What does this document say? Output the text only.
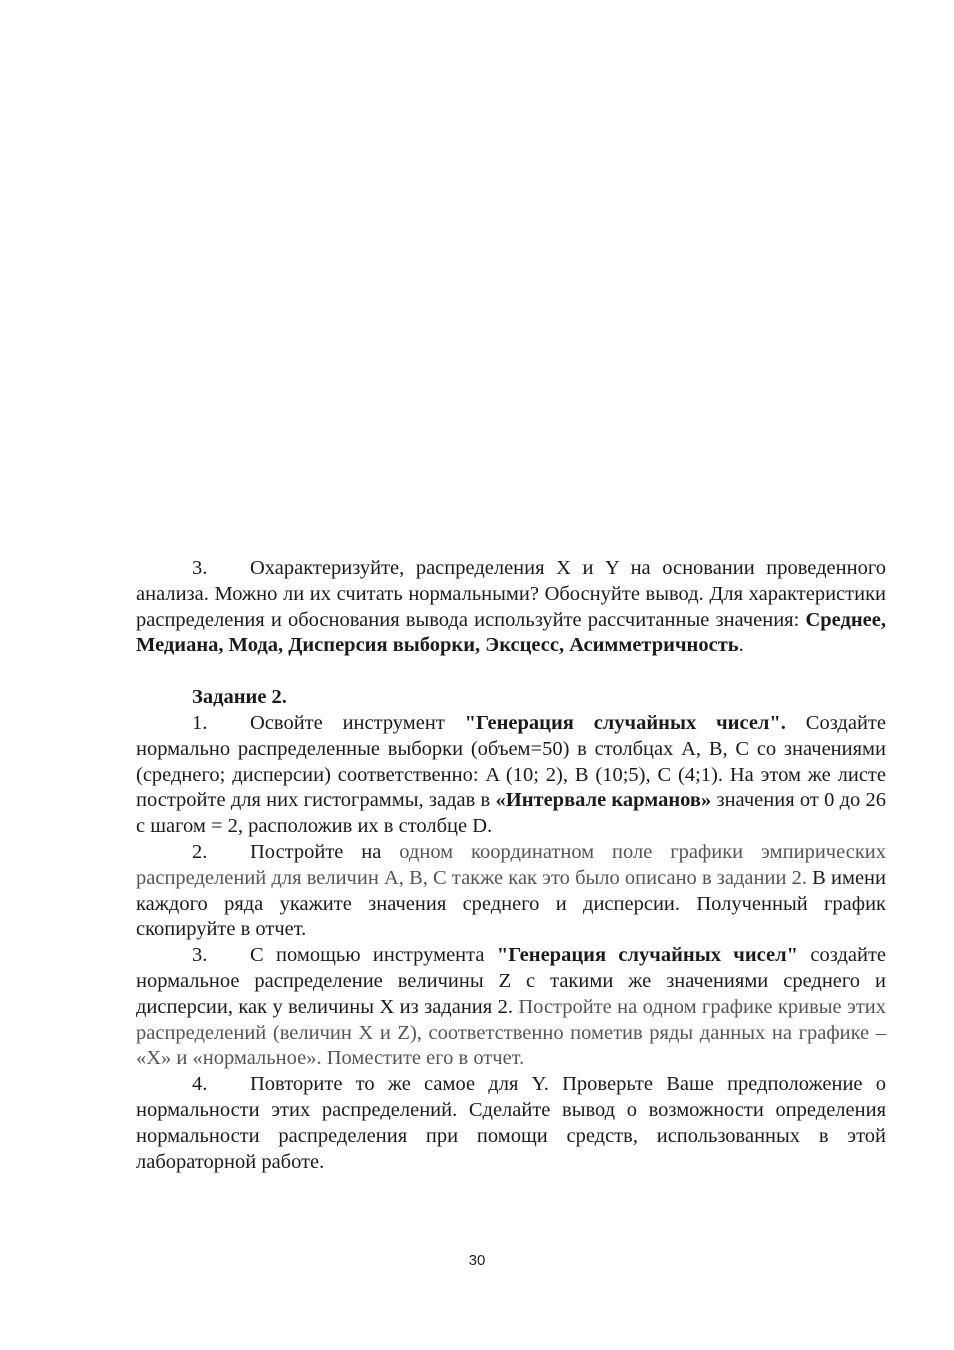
3. Охарактеризуйте, распределения X и Y на основании проведенного анализа. Можно ли их считать нормальными? Обоснуйте вывод. Для характеристики распределения и обоснования вывода используйте рассчитанные значения: Среднее, Медиана, Мода, Дисперсия выборки, Эксцесс, Асимметричность.

Задание 2.

1. Освойте инструмент "Генерация случайных чисел". Создайте нормально распределенные выборки (объем=50) в столбцах A, B, C со значениями (среднего; дисперсии) соответственно: A (10; 2), B (10;5), C (4;1). На этом же листе постройте для них гистограммы, задав в «Интервале карманов» значения от 0 до 26 с шагом = 2, расположив их в столбце D.

2. Постройте на одном координатном поле графики эмпирических распределений для величин А, В, С также как это было описано в задании 2. В имени каждого ряда укажите значения среднего и дисперсии. Полученный график скопируйте в отчет.

3. С помощью инструмента "Генерация случайных чисел" создайте нормальное распределение величины Z с такими же значениями среднего и дисперсии, как у величины X из задания 2. Постройте на одном графике кривые этих распределений (величин X и Z), соответственно пометив ряды данных на графике – «X» и «нормальное». Поместите его в отчет.

4. Повторите то же самое для Y. Проверьте Ваше предположение о нормальности этих распределений. Сделайте вывод о возможности определения нормальности распределения при помощи средств, использованных в этой лабораторной работе.

30
